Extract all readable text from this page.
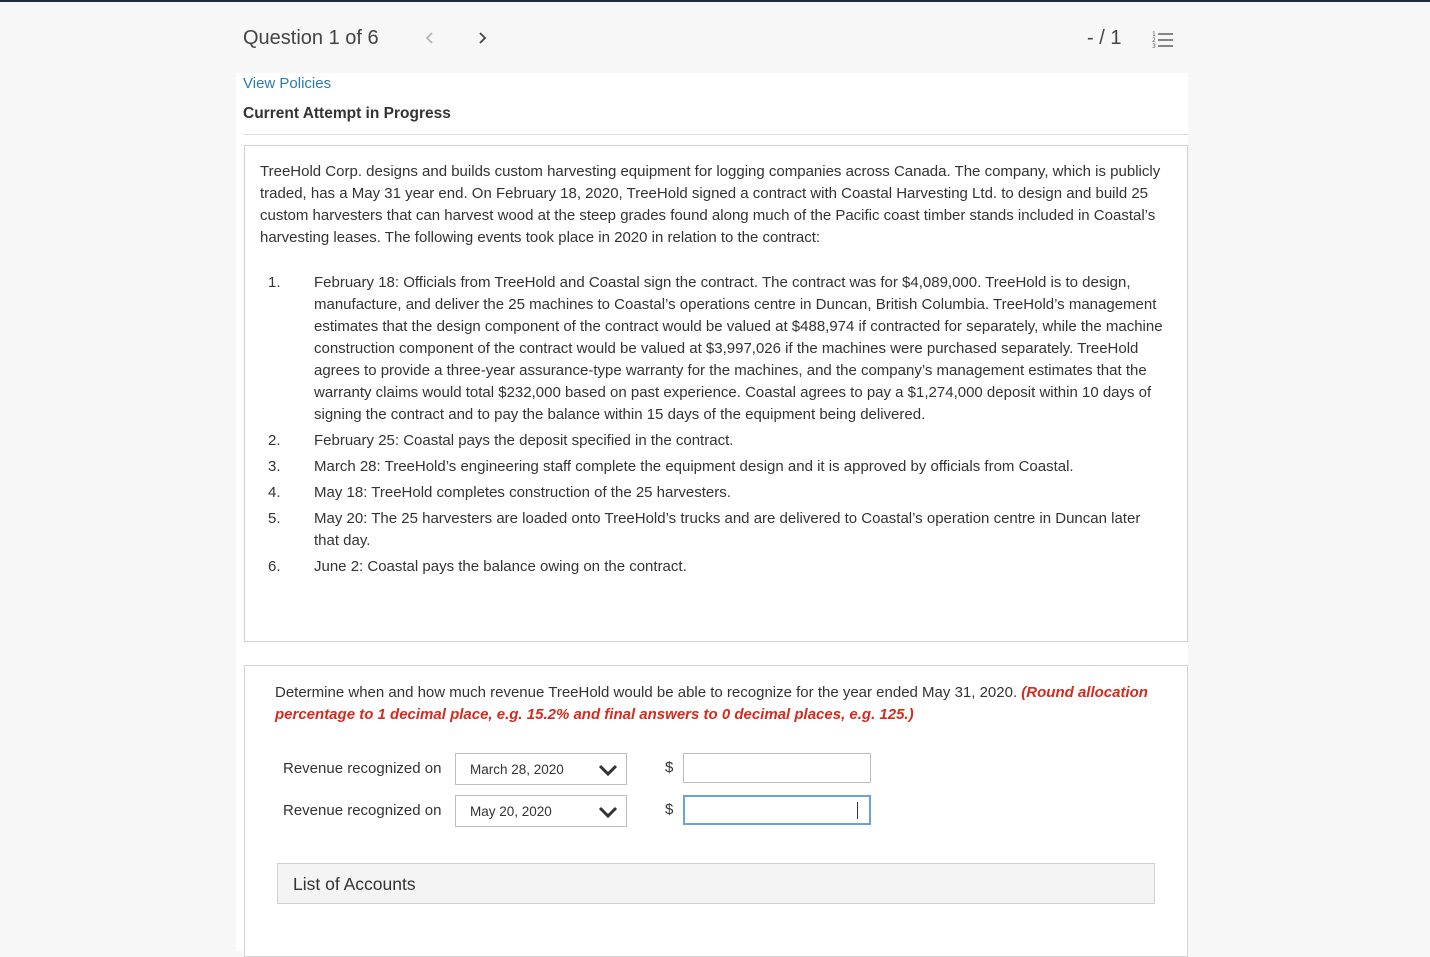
Question 1 of 6	- / 1	1
2
3
View Policies
Current Attempt in Progress
TreeHold Corp. designs and builds custom harvesting equipment for logging companies across Canada. The company, which is publicly traded, has a May 31 year end. On February 18, 2020, TreeHold signed a contract with Coastal Harvesting Ltd. to design and build 25 custom harvesters that can harvest wood at the steep grades found along much of the Pacific coast timber stands included in Coastal’s harvesting leases. The following events took place in 2020 in relation to the contract:
1. February 18: Officials from TreeHold and Coastal sign the contract. The contract was for $4,089,000. TreeHold is to design, manufacture, and deliver the 25 machines to Coastal’s operations centre in Duncan, British Columbia. TreeHold’s management estimates that the design component of the contract would be valued at $488,974 if contracted for separately, while the machine construction component of the contract would be valued at $3,997,026 if the machines were purchased separately. TreeHold agrees to provide a three-year assurance-type warranty for the machines, and the company’s management estimates that the warranty claims would total $232,000 based on past experience. Coastal agrees to pay a $1,274,000 deposit within 10 days of signing the contract and to pay the balance within 15 days of the equipment being delivered.
2. February 25: Coastal pays the deposit specified in the contract.
3. March 28: TreeHold’s engineering staff complete the equipment design and it is approved by officials from Coastal.
4. May 18: TreeHold completes construction of the 25 harvesters.
5. May 20: The 25 harvesters are loaded onto TreeHold’s trucks and are delivered to Coastal’s operation centre in Duncan later that day.
6. June 2: Coastal pays the balance owing on the contract.
Determine when and how much revenue TreeHold would be able to recognize for the year ended May 31, 2020. (Round allocation percentage to 1 decimal place, e.g. 15.2% and final answers to 0 decimal places, e.g. 125.)
Revenue recognized on March 28, 2020	$
Revenue recognized on May 20, 2020	$
List of Accounts
